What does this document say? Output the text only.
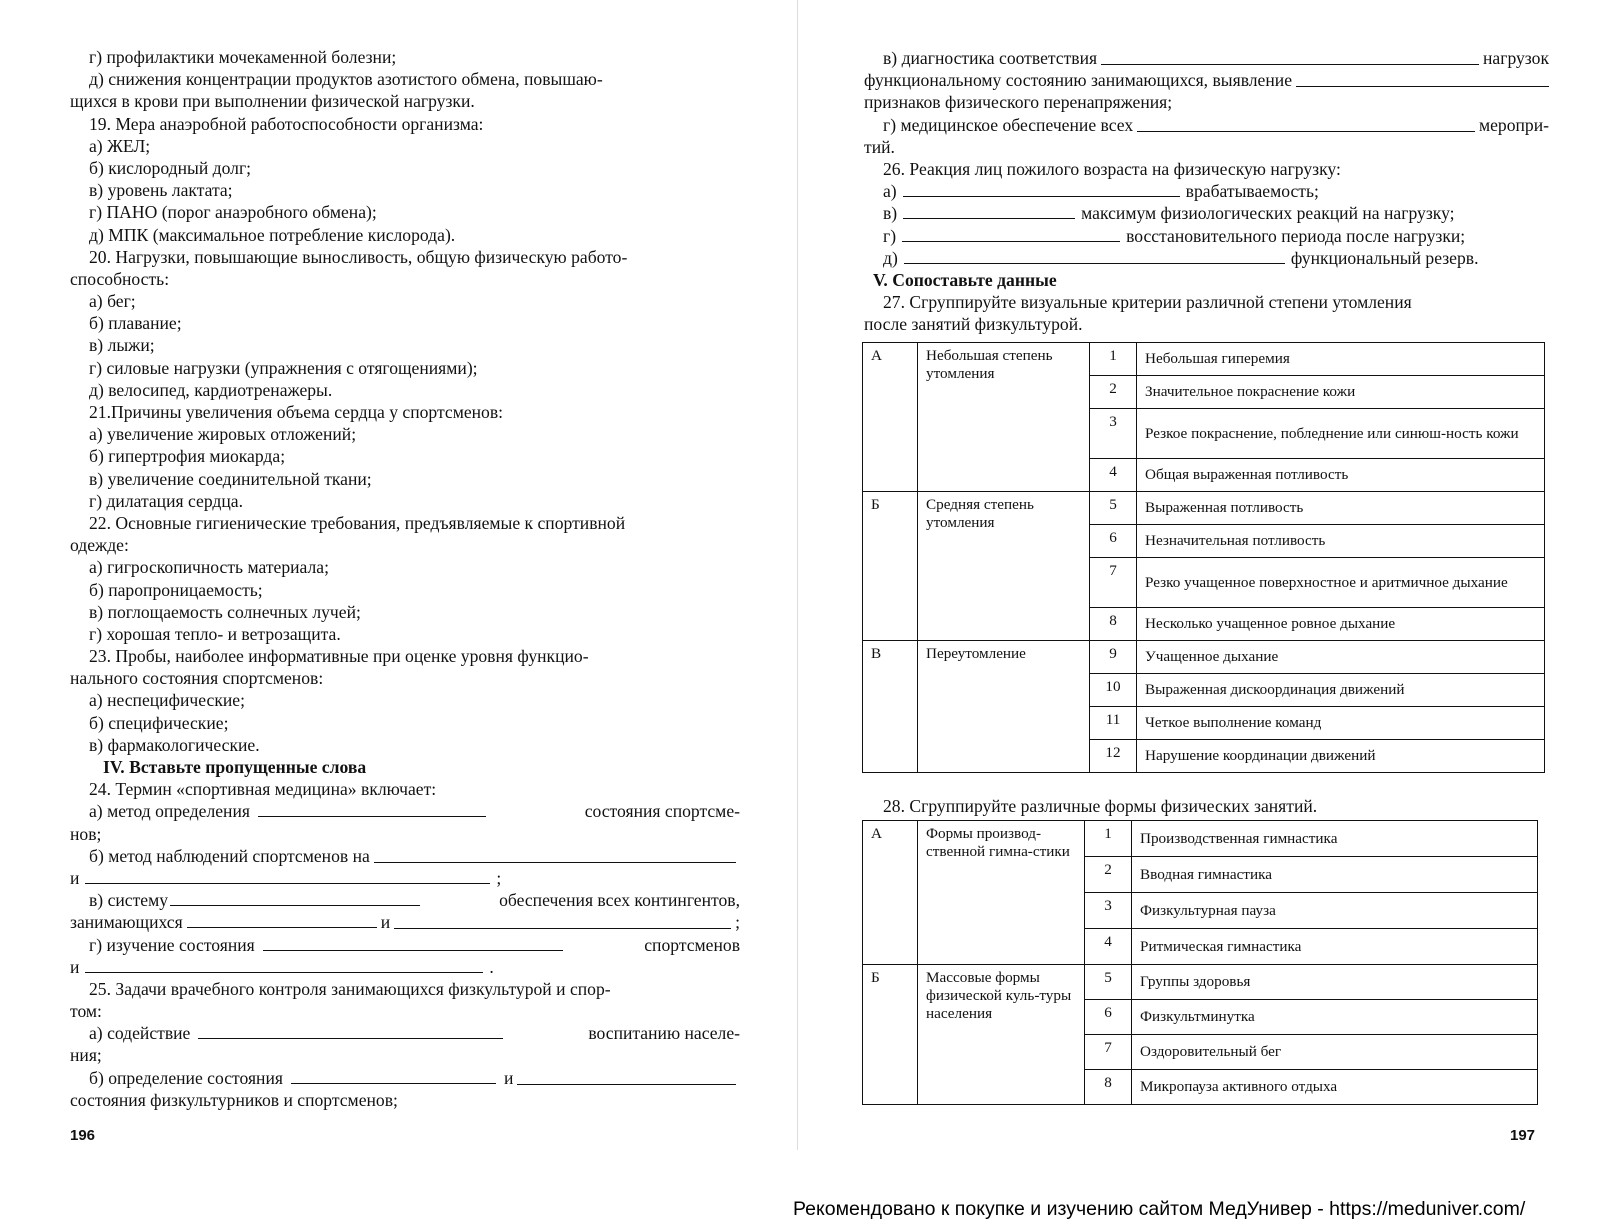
г) профилактики мочекаменной болезни;
д) снижения концентрации продуктов азотистого обмена, повышаю-
щихся в крови при выполнении физической нагрузки.
19. Мера анаэробной работоспособности организма:
а) ЖЕЛ;
б) кислородный долг;
в) уровень лактата;
г) ПАНО (порог анаэробного обмена);
д) МПК (максимальное потребление кислорода).
20. Нагрузки, повышающие выносливость, общую физическую работо-
способность:
а) бег;
б) плавание;
в) лыжи;
г) силовые нагрузки (упражнения с отягощениями);
д) велосипед, кардиотренажеры.
21.Причины увеличения объема сердца у спортсменов:
а) увеличение жировых отложений;
б) гипертрофия миокарда;
в) увеличение соединительной ткани;
г) дилатация сердца.
22. Основные гигиенические требования, предъявляемые к спортивной
одежде:
а) гигроскопичность материала;
б) паропроницаемость;
в) поглощаемость солнечных лучей;
г) хорошая тепло- и ветрозащита.
23. Пробы, наиболее информативные при оценке уровня функцио-
нального состояния спортсменов:
а) неспецифические;
б) специфические;
в) фармакологические.
IV. Вставьте пропущенные слова
24. Термин «спортивная медицина» включает:
а) метод определения	состояния спортсме-
нов;
б) метод наблюдений спортсменов на
и	;
в) систему	обеспечения всех контингентов,
занимающихся	и	;
г) изучение состояния	спортсменов
и	.
25. Задачи врачебного контроля занимающихся физкультурой и спор-
том:
а) содействие	воспитанию населе-
ния;
б) определение состояния	и
состояния физкультурников и спортсменов;
196
в) диагностика соответствия	нагрузок
функциональному состоянию занимающихся, выявление
признаков физического перенапряжения;
г) медицинское обеспечение всех	меропри-
тий.
26. Реакция лиц пожилого возраста на физическую нагрузку:
а)	врабатываемость;
в)	максимум физиологических реакций на нагрузку;
г)	восстановительного периода после нагрузки;
д)	функциональный резерв.
V. Сопоставьте данные
27. Сгруппируйте визуальные критерии различной степени утомления
после занятий физкультурой.
А	Небольшая степень утомления	1	Небольшая гиперемия
		2	Значительное покраснение кожи
		3	Резкое покраснение, побледнение или синюш-ность кожи
		4	Общая выраженная потливость
Б	Средняя степень утомления	5	Выраженная потливость
		6	Незначительная потливость
		7	Резко учащенное поверхностное и аритмичное дыхание
		8	Несколько учащенное ровное дыхание
В	Переутомление	9	Учащенное дыхание
		10	Выраженная дискоординация движений
		11	Четкое выполнение команд
		12	Нарушение координации движений
28. Сгруппируйте различные формы физических занятий.
А	Формы производ-ственной гимна-стики	1	Производственная гимнастика
		2	Вводная гимнастика
		3	Физкультурная пауза
		4	Ритмическая гимнастика
Б	Массовые формы физической куль-туры населения	5	Группы здоровья
		6	Физкультминутка
		7	Оздоровительный бег
		8	Микропауза активного отдыха
197
Рекомендовано к покупке и изучению сайтом МедУнивер - https://meduniver.com/
